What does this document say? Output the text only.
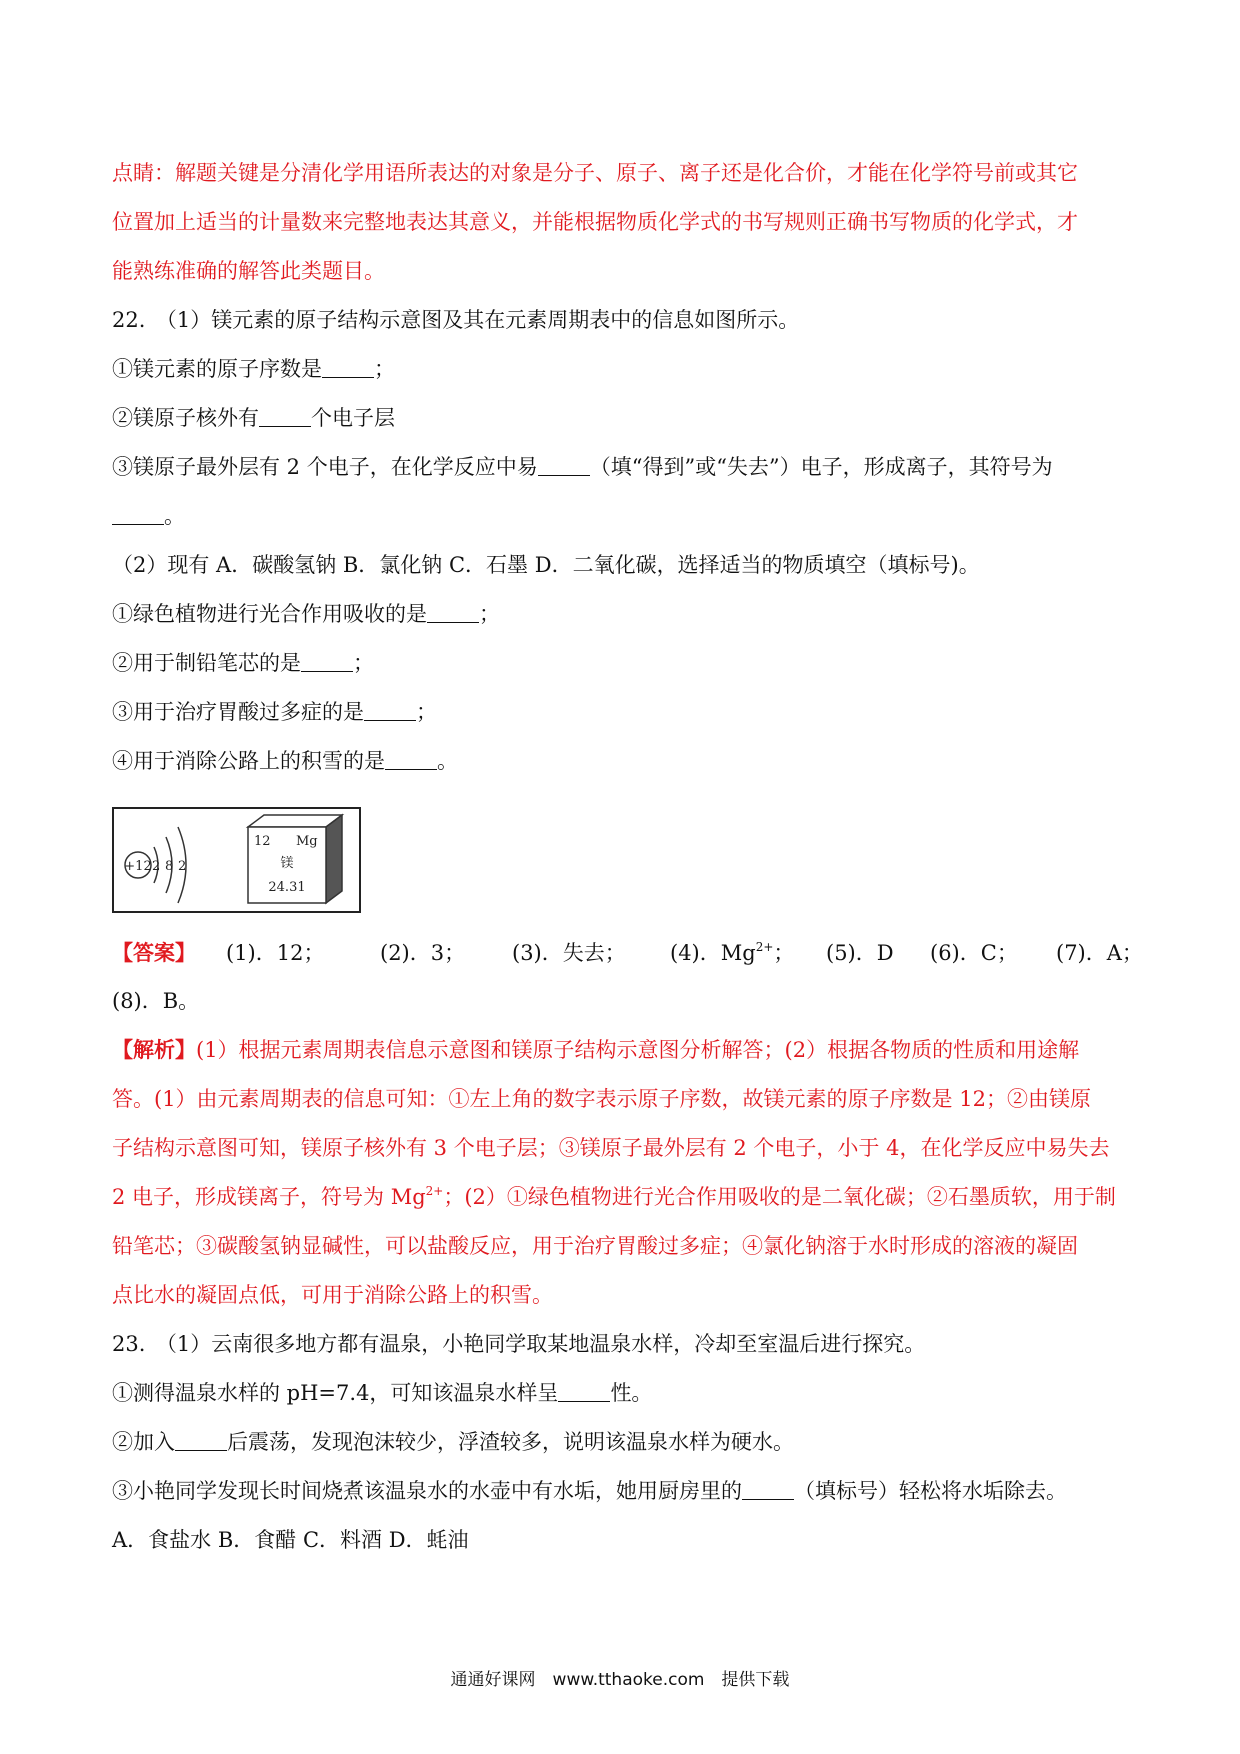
点睛：解题关键是分清化学用语所表达的对象是分子、原子、离子还是化合价，才能在化学符号前或其它
位置加上适当的计量数来完整地表达其意义，并能根据物质化学式的书写规则正确书写物质的化学式，才
能熟练准确的解答此类题目。
22.　（1）镁元素的原子结构示意图及其在元素周期表中的信息如图所示。
①镁元素的原子序数是 ；
②镁原子核外有 个电子层
③镁原子最外层有 2 个电子，在化学反应中易 （填“得到”或“失去”）电子，形成离子，其符号为
。
（2）现有 A．碳酸氢钠 B．氯化钠 C．石墨 D．二氧化碳，选择适当的物质填空（填标号)。
①绿色植物进行光合作用吸收的是 ；
②用于制铅笔芯的是 ；
③用于治疗胃酸过多症的是 ；
④用于消除公路上的积雪的是 。
+12 2 8 2
12 Mg
镁
24.31
【答案】 (1)．12；	(2)．3； (3)．失去； (4)．$Mg^{2+}$； (5)．D (6)．C； (7)．A；
(8)．B。
【解析】(1）根据元素周期表信息示意图和镁原子结构示意图分析解答；(2）根据各物质的性质和用途解
答。(1）由元素周期表的信息可知：①左上角的数字表示原子序数，故镁元素的原子序数是 12；②由镁原
子结构示意图可知，镁原子核外有 3 个电子层；③镁原子最外层有 2 个电子，小于 4，在化学反应中易失去
2 电子，形成镁离子，符号为 $Mg^{2+}$；(2）①绿色植物进行光合作用吸收的是二氧化碳；②石墨质软，用于制
铅笔芯；③碳酸氢钠显碱性，可以盐酸反应，用于治疗胃酸过多症；④氯化钠溶于水时形成的溶液的凝固
点比水的凝固点低，可用于消除公路上的积雪。
23.　（1）云南很多地方都有温泉，小艳同学取某地温泉水样，冷却至室温后进行探究。
①测得温泉水样的 pH=7.4，可知该温泉水样呈 性。
②加入 后震荡，发现泡沫较少，浮渣较多，说明该温泉水样为硬水。
③小艳同学发现长时间烧煮该温泉水的水壶中有水垢，她用厨房里的 （填标号）轻松将水垢除去。
A．食盐水 B．食醋 C．料酒 D．蚝油
通通好课网　www.tthaoke.com　提供下载
